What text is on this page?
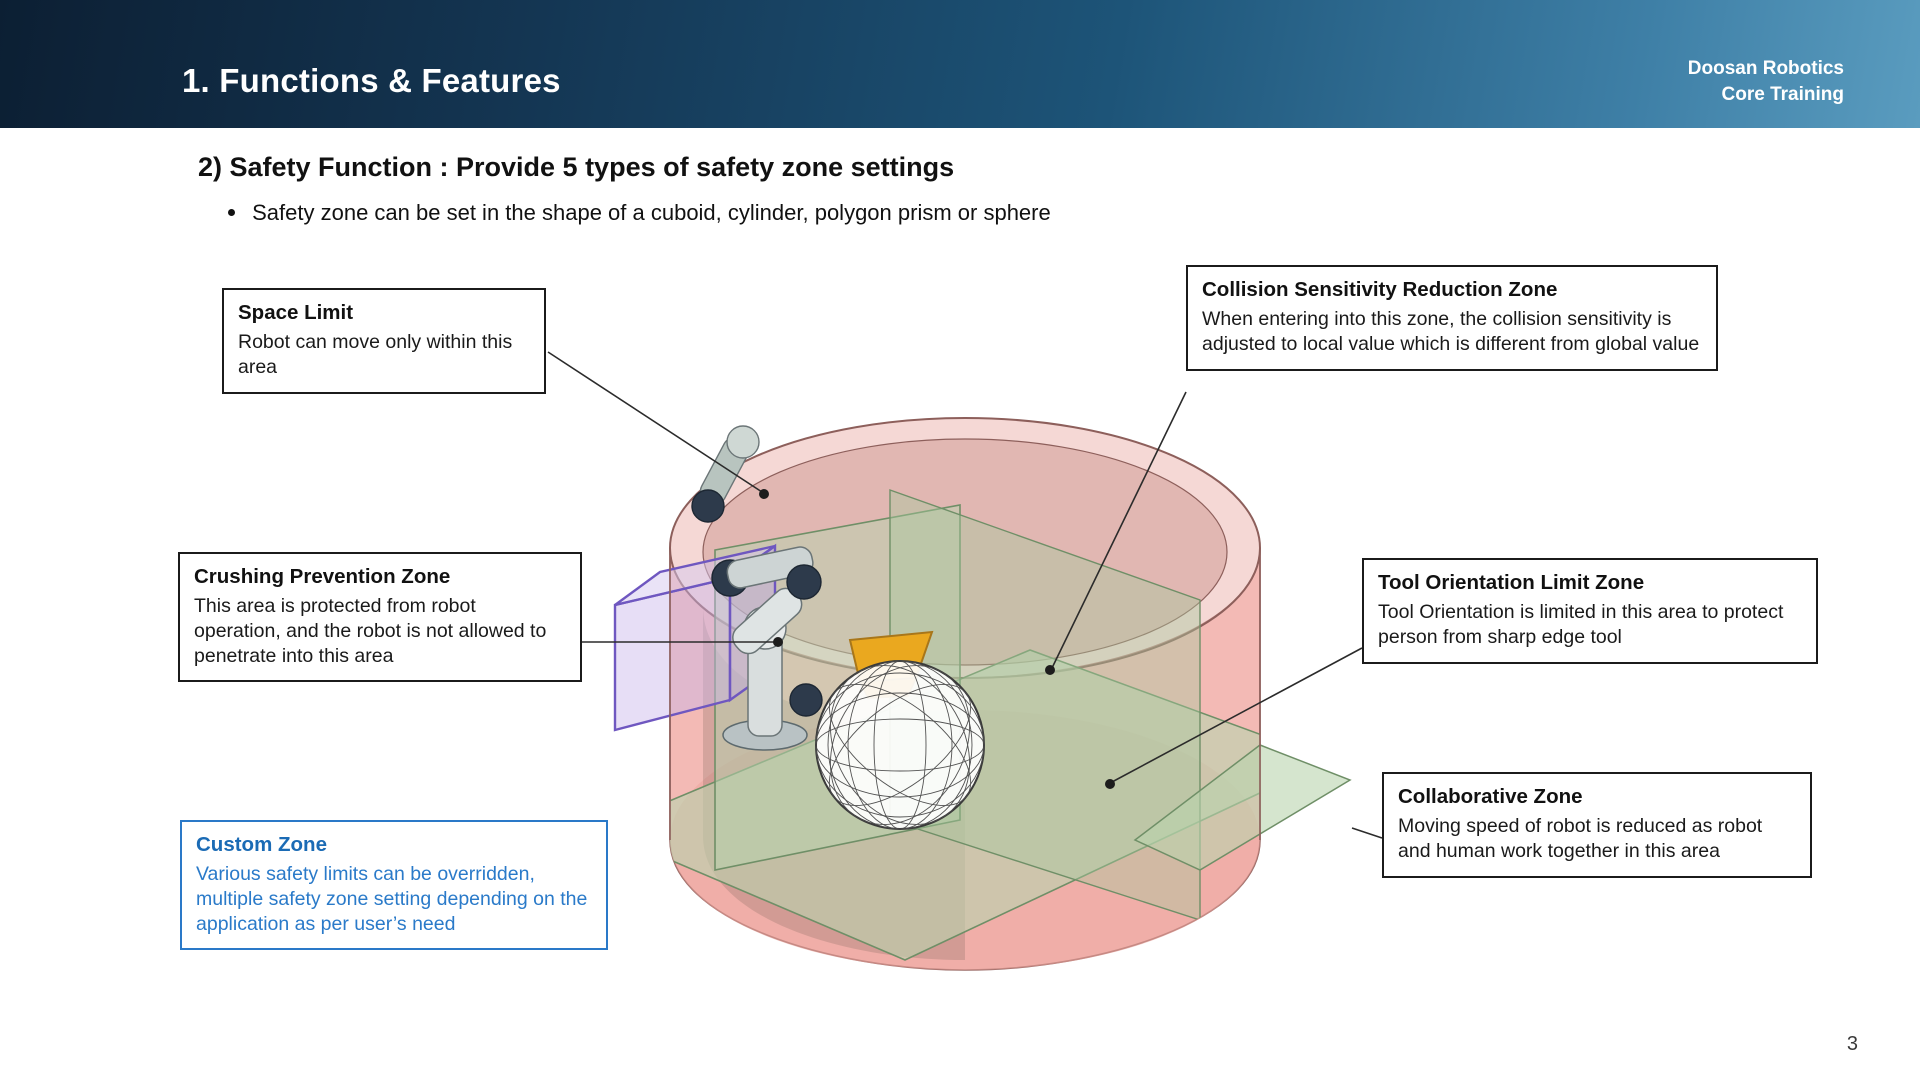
1. Functions & Features	Doosan Robotics
Core Training
2) Safety Function : Provide 5 types of safety zone settings
Safety zone can be set in the shape of a cuboid, cylinder, polygon prism or sphere
Space Limit
Robot can move only within this area
Crushing Prevention Zone
This area is protected from robot operation, and the robot is not allowed to penetrate into this area
Custom Zone
Various safety limits can be overridden, multiple safety zone setting depending on the application as per user’s need
Collision Sensitivity Reduction Zone
When entering into this zone, the collision sensitivity is adjusted to local value which is different from global value
Tool Orientation Limit Zone
Tool Orientation is limited in this area to protect person from sharp edge tool
Collaborative Zone
Moving speed of robot is reduced as robot and human work together in this area
3
